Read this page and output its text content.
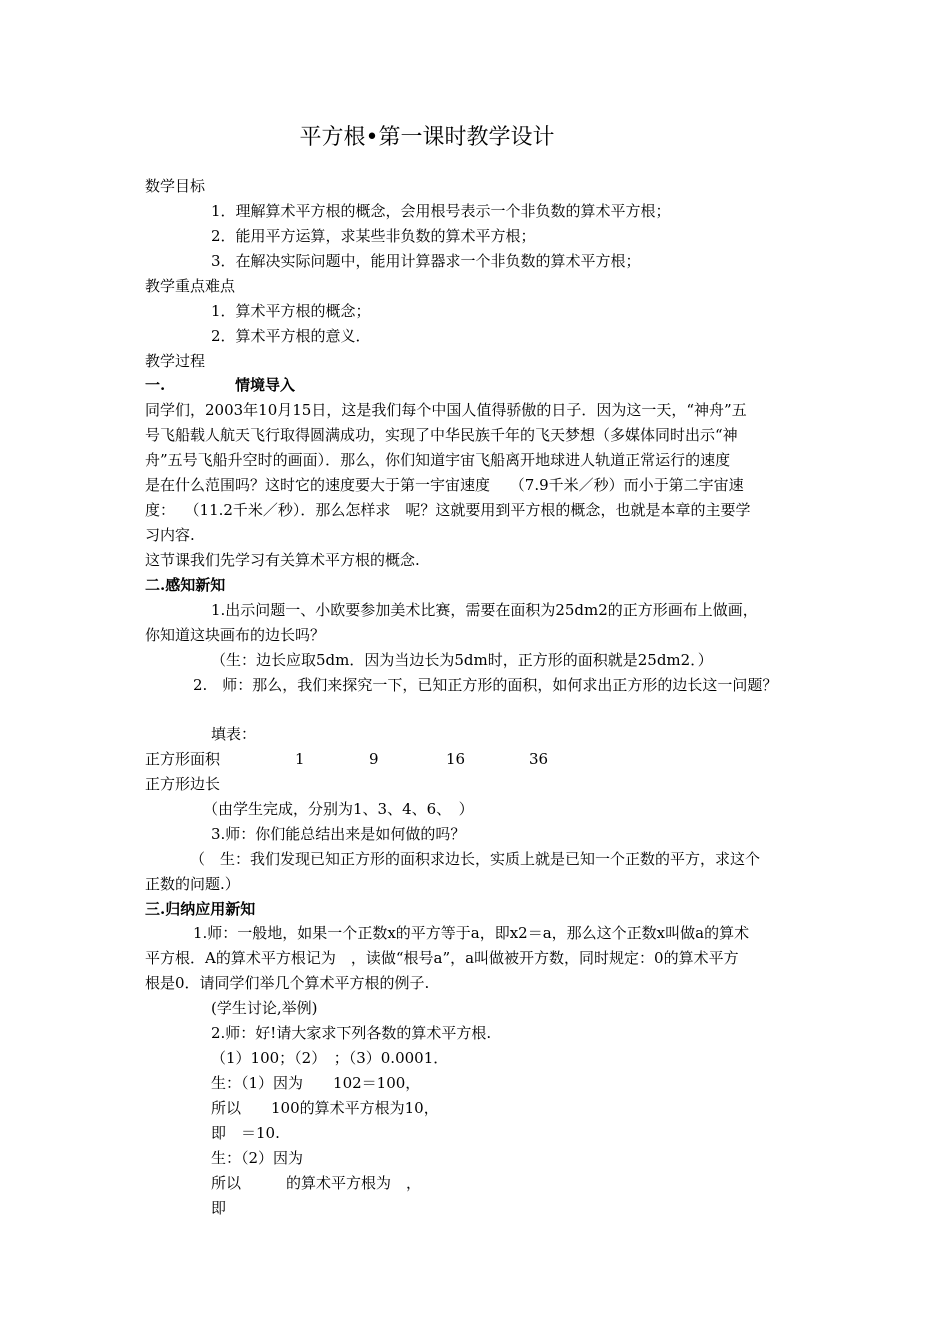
平方根•第一课时教学设计
数学目标
1．理解算术平方根的概念，会用根号表示一个非负数的算术平方根；
2．能用平方运算，求某些非负数的算术平方根；
3．在解决实际问题中，能用计算器求一个非负数的算术平方根；
教学重点难点
1．算术平方根的概念；
2．算术平方根的意义．
教学过程
一.	情境导入
同学们，2003年10月15日，这是我们每个中国人值得骄傲的日子．因为这一天，“神舟”五
号飞船载人航天飞行取得圆满成功，实现了中华民族千年的飞天梦想（多媒体同时出示“神
舟”五号飞船升空时的画面）．那么，你们知道宇宙飞船离开地球进人轨道正常运行的速度
是在什么范围吗？这时它的速度要大于第一宇宙速度　 （7.9千米／秒）而小于第二宇宙速
度：  （11.2千米／秒）．那么怎样求　呢？这就要用到平方根的概念，也就是本章的主要学
习内容.
这节课我们先学习有关算术平方根的概念.
二.感知新知
1.出示问题一、小欧要参加美术比赛，需要在面积为25dm2的正方形画布上做画，
你知道这块画布的边长吗？
（生：边长应取5dm．因为当边长为5dm时，正方形的面积就是25dm2．）
2.　师：那么，我们来探究一下，已知正方形的面积，如何求出正方形的边长这一问题？
填表：
正方形面积	1	9	16	36
正方形边长
（由学生完成，分别为1、3、4、6、　）
3.师：你们能总结出来是如何做的吗？
（　生：我们发现已知正方形的面积求边长，实质上就是已知一个正数的平方，求这个
正数的问题.）
三.归纳应用新知
1.师：一般地，如果一个正数x的平方等于a，即x2＝a，那么这个正数x叫做a的算术
平方根．A的算术平方根记为　，读做“根号a”，a叫做被开方数，同时规定：0的算术平方
根是0．请同学们举几个算术平方根的例子.
(学生讨论,举例)
2.师：好!请大家求下列各数的算术平方根.
（1）100；（2）　；（3）0.0001．
生：（1）因为　　102＝100，
所以　　100的算术平方根为10，
即　＝10.
生：（2）因为
所以　　　的算术平方根为　，
即
